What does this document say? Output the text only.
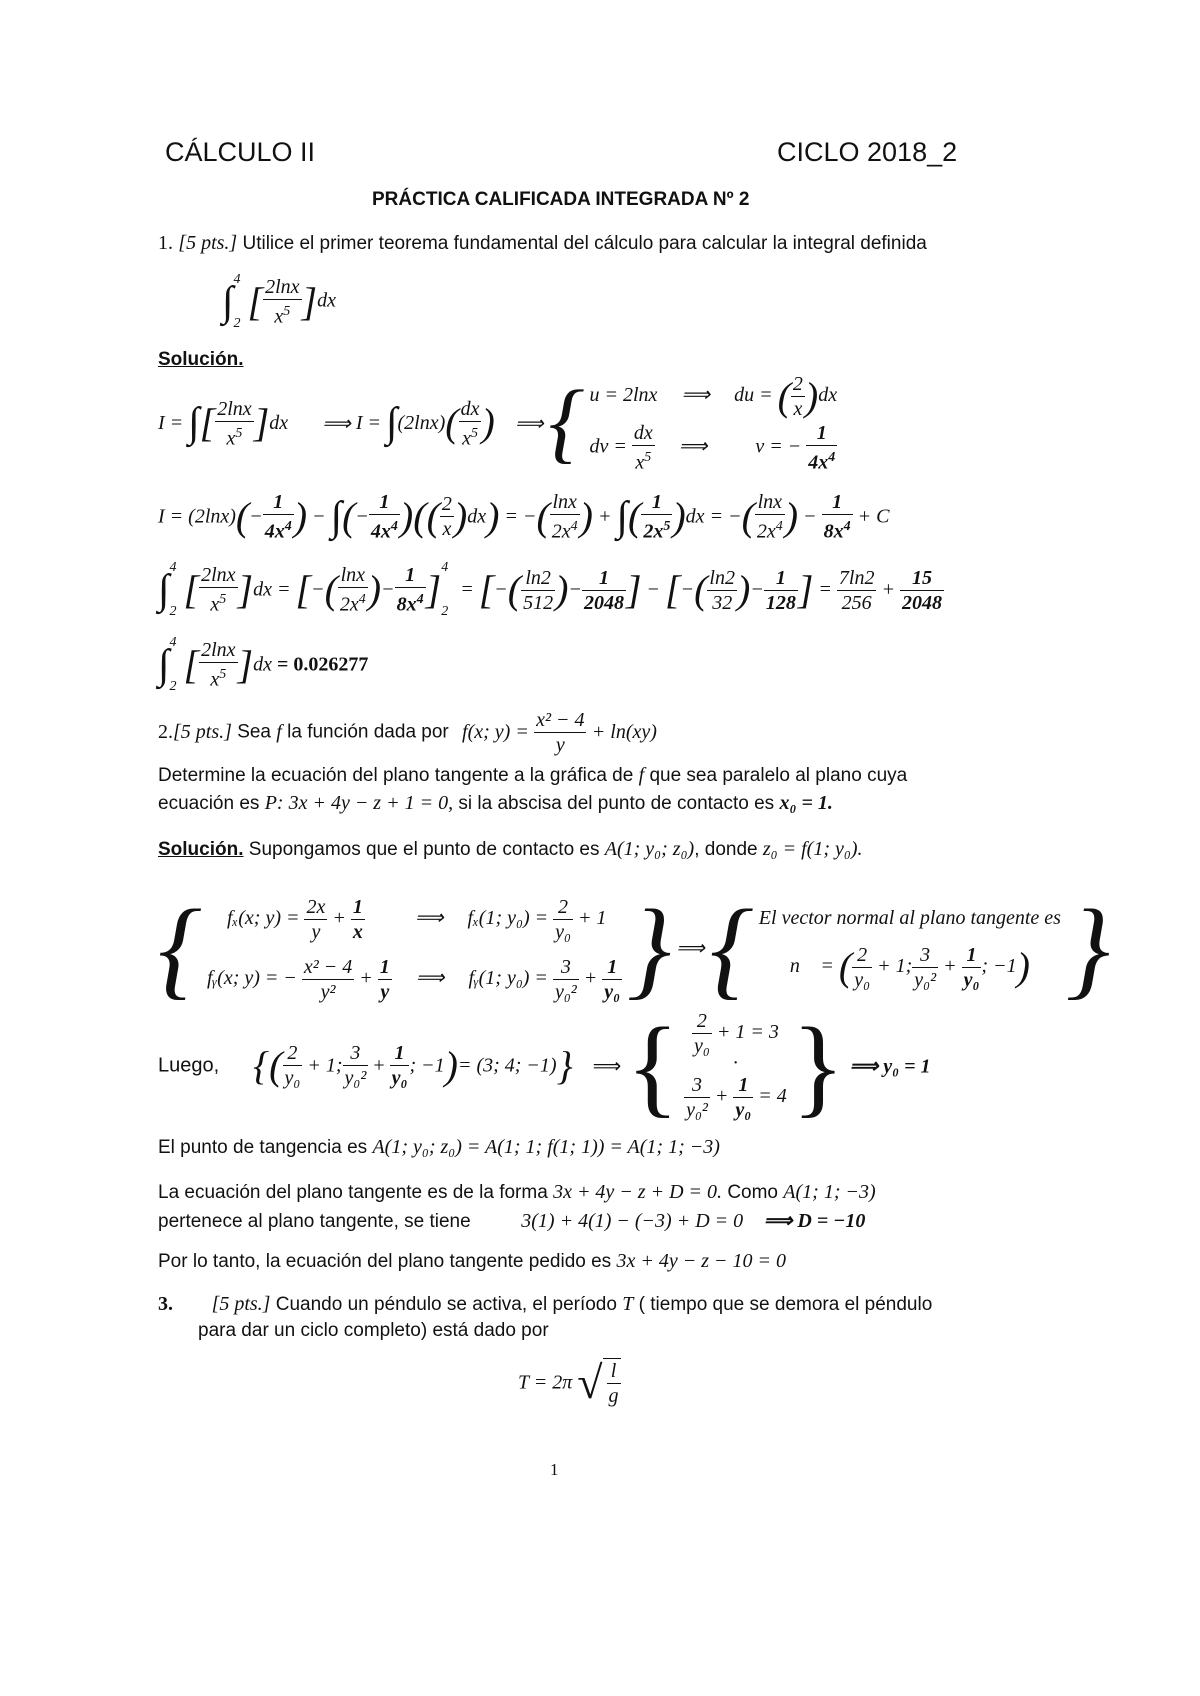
CÁLCULO II	CICLO 2018_2
PRÁCTICA CALIFICADA INTEGRADA Nº 2
1. [5 pts.] Utilice el primer teorema fundamental del cálculo para calcular la integral definida
∫ 4
2 [ $\frac{2\ln x}{x^5} ]dx$
Solución.
I = ∫[ $\frac{2\ln x}{x^5} ]dx$ ⟹ $I = \int(2\ln x)( \frac{dx}{x^5}$ ) ⟹ { u = 2lnx ⟹ du = ( $\frac{2}{x} )dx$
dv = $\frac{dx}{x^5}$ ⟹ v = − $\frac{1}{4x^4}$
$I = (2\ln x)(- \frac{1}{4x^4}$ ) − ∫(− $\frac{1}{4x^4}$ )(( $\frac{2}{x} )dx$) = −( $\frac{\ln x}{2x^4}$ ) + ∫( $\frac{1}{2x^5} )dx$ = −( $\frac{\ln x}{2x^4}$ ) − $\frac{1}{8x^4} + C$
∫ 4
2 [ $\frac{2\ln x}{x^5} ]dx$ = [−( $\frac{\ln x}{2x^4}$ )− $\frac{1}{8x^4}$ ] 4
2
= [−( $\frac{\ln 2}{512}$ )− $\frac{1}{2048}$ ] − [−( $\frac{\ln 2}{32}$ )− $\frac{1}{128}$ ] = $\frac{7\ln 2}{256} + \frac{15}{2048}$
∫ 4
2 [ $\frac{2\ln x}{x^5} ]dx = 0.026277$
2.[5 pts.] Sea f la función dada por f(x; $y) = \frac{\text{x² − 4}}{y} + \ln(xy)$
Determine la ecuación del plano tangente a la gráfica de f que sea paralelo al plano cuya
ecuación es P: 3x + 4y − z + 1 = 0, si la abscisa del punto de contacto es x₀ = 1.
Solución. Supongamos que el punto de contacto es A(1; y₀; z₀), donde z₀ = f(1; y₀).
{	fₓ(x; $y) = \frac{2x}{y} + \frac{1}{x}$	⟹ fₓ(1; $y_0) = \frac{2}{\text{y₀}} + 1$
fᵧ(x; y) = − $\frac{\text{x² − 4}}{\text{y²}} + \frac{1}{y}$ ⟹ fᵧ(1; $y_0) = \frac{3}{\text{y₀²}} + \frac{1}{\text{y₀}}$ } ⟹ { El vector normal al plano tangente es
n⃗ = ( $\frac{2}{\text{y₀}} + 1$; $\frac{3}{\text{y₀²}} + \frac{1}{\text{y₀}}$ ; −1) }
Luego, {( $\frac{2}{\text{y₀}} + 1$; $\frac{3}{\text{y₀²}} + \frac{1}{\text{y₀}}$ ; −1)= (3; 4; −1)} ⟹ { $\frac{2}{\text{y₀}} + 1 = 3$
·
$\frac{3}{\text{y₀²}} + \frac{1}{\text{y₀}} = 4$ } ⟹ y₀ = 1
El punto de tangencia es A(1; y₀; z₀) = A(1; 1; f(1; 1)) = A(1; 1; −3)
La ecuación del plano tangente es de la forma 3x + 4y − z + D = 0. Como A(1; 1; −3)
pertenece al plano tangente, se tiene	3(1) + 4(1) − (−3) + D = 0 ⟹ D = −10
Por lo tanto, la ecuación del plano tangente pedido es 3x + 4y − z − 10 = 0
3. [5 pts.] Cuando un péndulo se activa, el período T ( tiempo que se demora el péndulo
para dar un ciclo completo) está dado por
T = 2π √ $\frac{l}{g}$
1
